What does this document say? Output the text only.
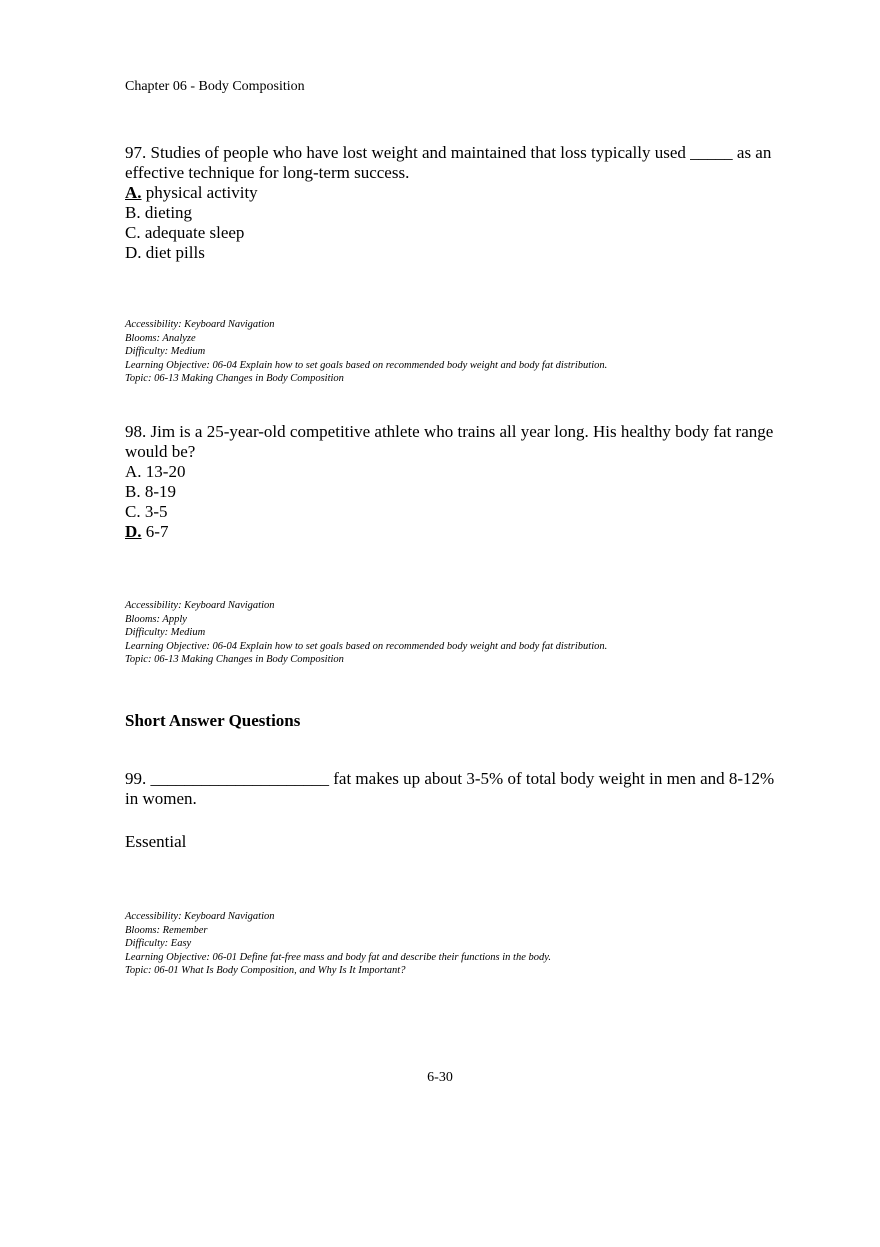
Chapter 06 - Body Composition

97. Studies of people who have lost weight and maintained that loss typically used _____ as an effective technique for long-term success.

A. physical activity

B. dieting

C. adequate sleep

D. diet pills

Accessibility: Keyboard Navigation
Blooms: Analyze
Difficulty: Medium
Learning Objective: 06-04 Explain how to set goals based on recommended body weight and body fat distribution.
Topic: 06-13 Making Changes in Body Composition

98. Jim is a 25-year-old competitive athlete who trains all year long. His healthy body fat range would be?

A. 13-20

B. 8-19

C. 3-5

D. 6-7

Accessibility: Keyboard Navigation
Blooms: Apply
Difficulty: Medium
Learning Objective: 06-04 Explain how to set goals based on recommended body weight and body fat distribution.
Topic: 06-13 Making Changes in Body Composition
Short Answer Questions

99. _____________________ fat makes up about 3-5% of total body weight in men and 8-12% in women.

Essential
Accessibility: Keyboard Navigation
Blooms: Remember
Difficulty: Easy
Learning Objective: 06-01 Define fat-free mass and body fat and describe their functions in the body.
Topic: 06-01 What Is Body Composition, and Why Is It Important?
6-30
